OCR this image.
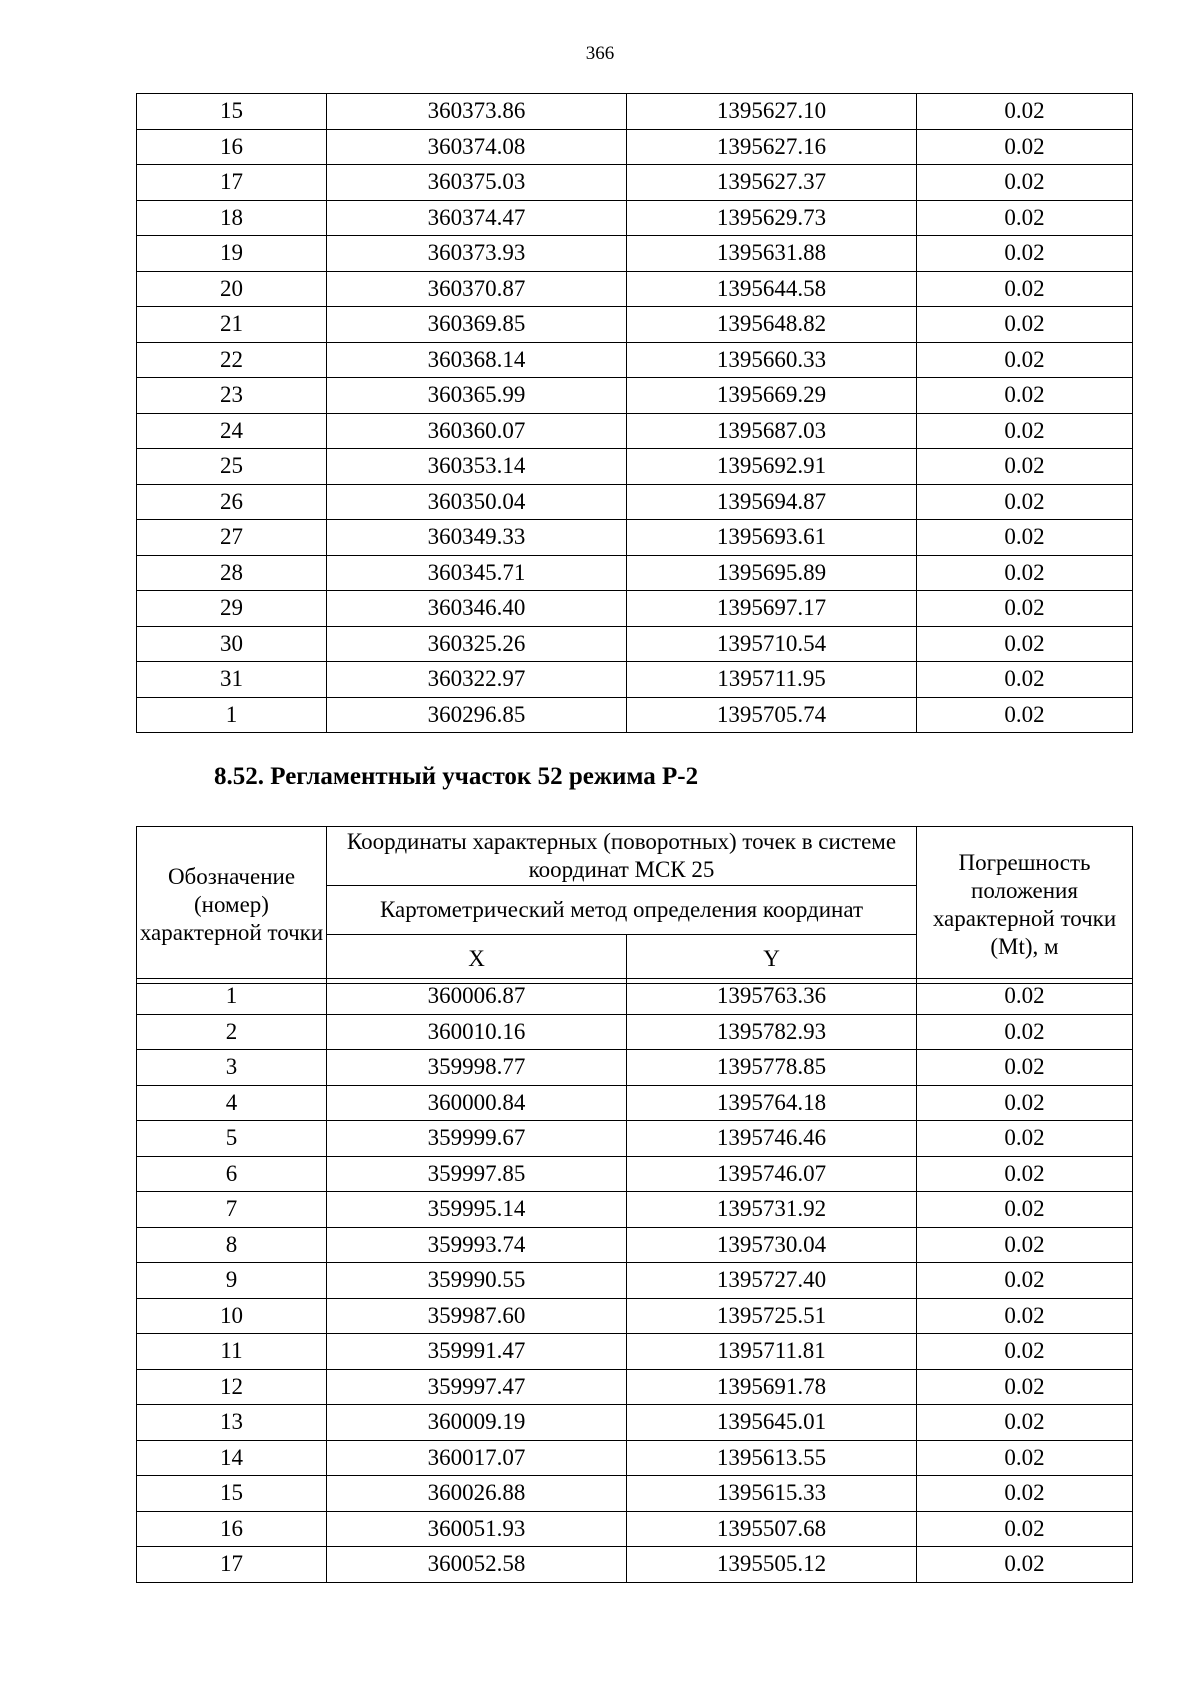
366
15	360373.86	1395627.10	0.02
16	360374.08	1395627.16	0.02
17	360375.03	1395627.37	0.02
18	360374.47	1395629.73	0.02
19	360373.93	1395631.88	0.02
20	360370.87	1395644.58	0.02
21	360369.85	1395648.82	0.02
22	360368.14	1395660.33	0.02
23	360365.99	1395669.29	0.02
24	360360.07	1395687.03	0.02
25	360353.14	1395692.91	0.02
26	360350.04	1395694.87	0.02
27	360349.33	1395693.61	0.02
28	360345.71	1395695.89	0.02
29	360346.40	1395697.17	0.02
30	360325.26	1395710.54	0.02
31	360322.97	1395711.95	0.02
1	360296.85	1395705.74	0.02
8.52. Регламентный участок 52 режима Р-2
Обозначение (номер) характерной точки	Координаты характерных (поворотных) точек в системе координат МСК 25		Погрешность положения характерной точки (Mt), м
	Картометрический метод определения координат		
	X	Y	
1	360006.87	1395763.36	0.02
2	360010.16	1395782.93	0.02
3	359998.77	1395778.85	0.02
4	360000.84	1395764.18	0.02
5	359999.67	1395746.46	0.02
6	359997.85	1395746.07	0.02
7	359995.14	1395731.92	0.02
8	359993.74	1395730.04	0.02
9	359990.55	1395727.40	0.02
10	359987.60	1395725.51	0.02
11	359991.47	1395711.81	0.02
12	359997.47	1395691.78	0.02
13	360009.19	1395645.01	0.02
14	360017.07	1395613.55	0.02
15	360026.88	1395615.33	0.02
16	360051.93	1395507.68	0.02
17	360052.58	1395505.12	0.02
